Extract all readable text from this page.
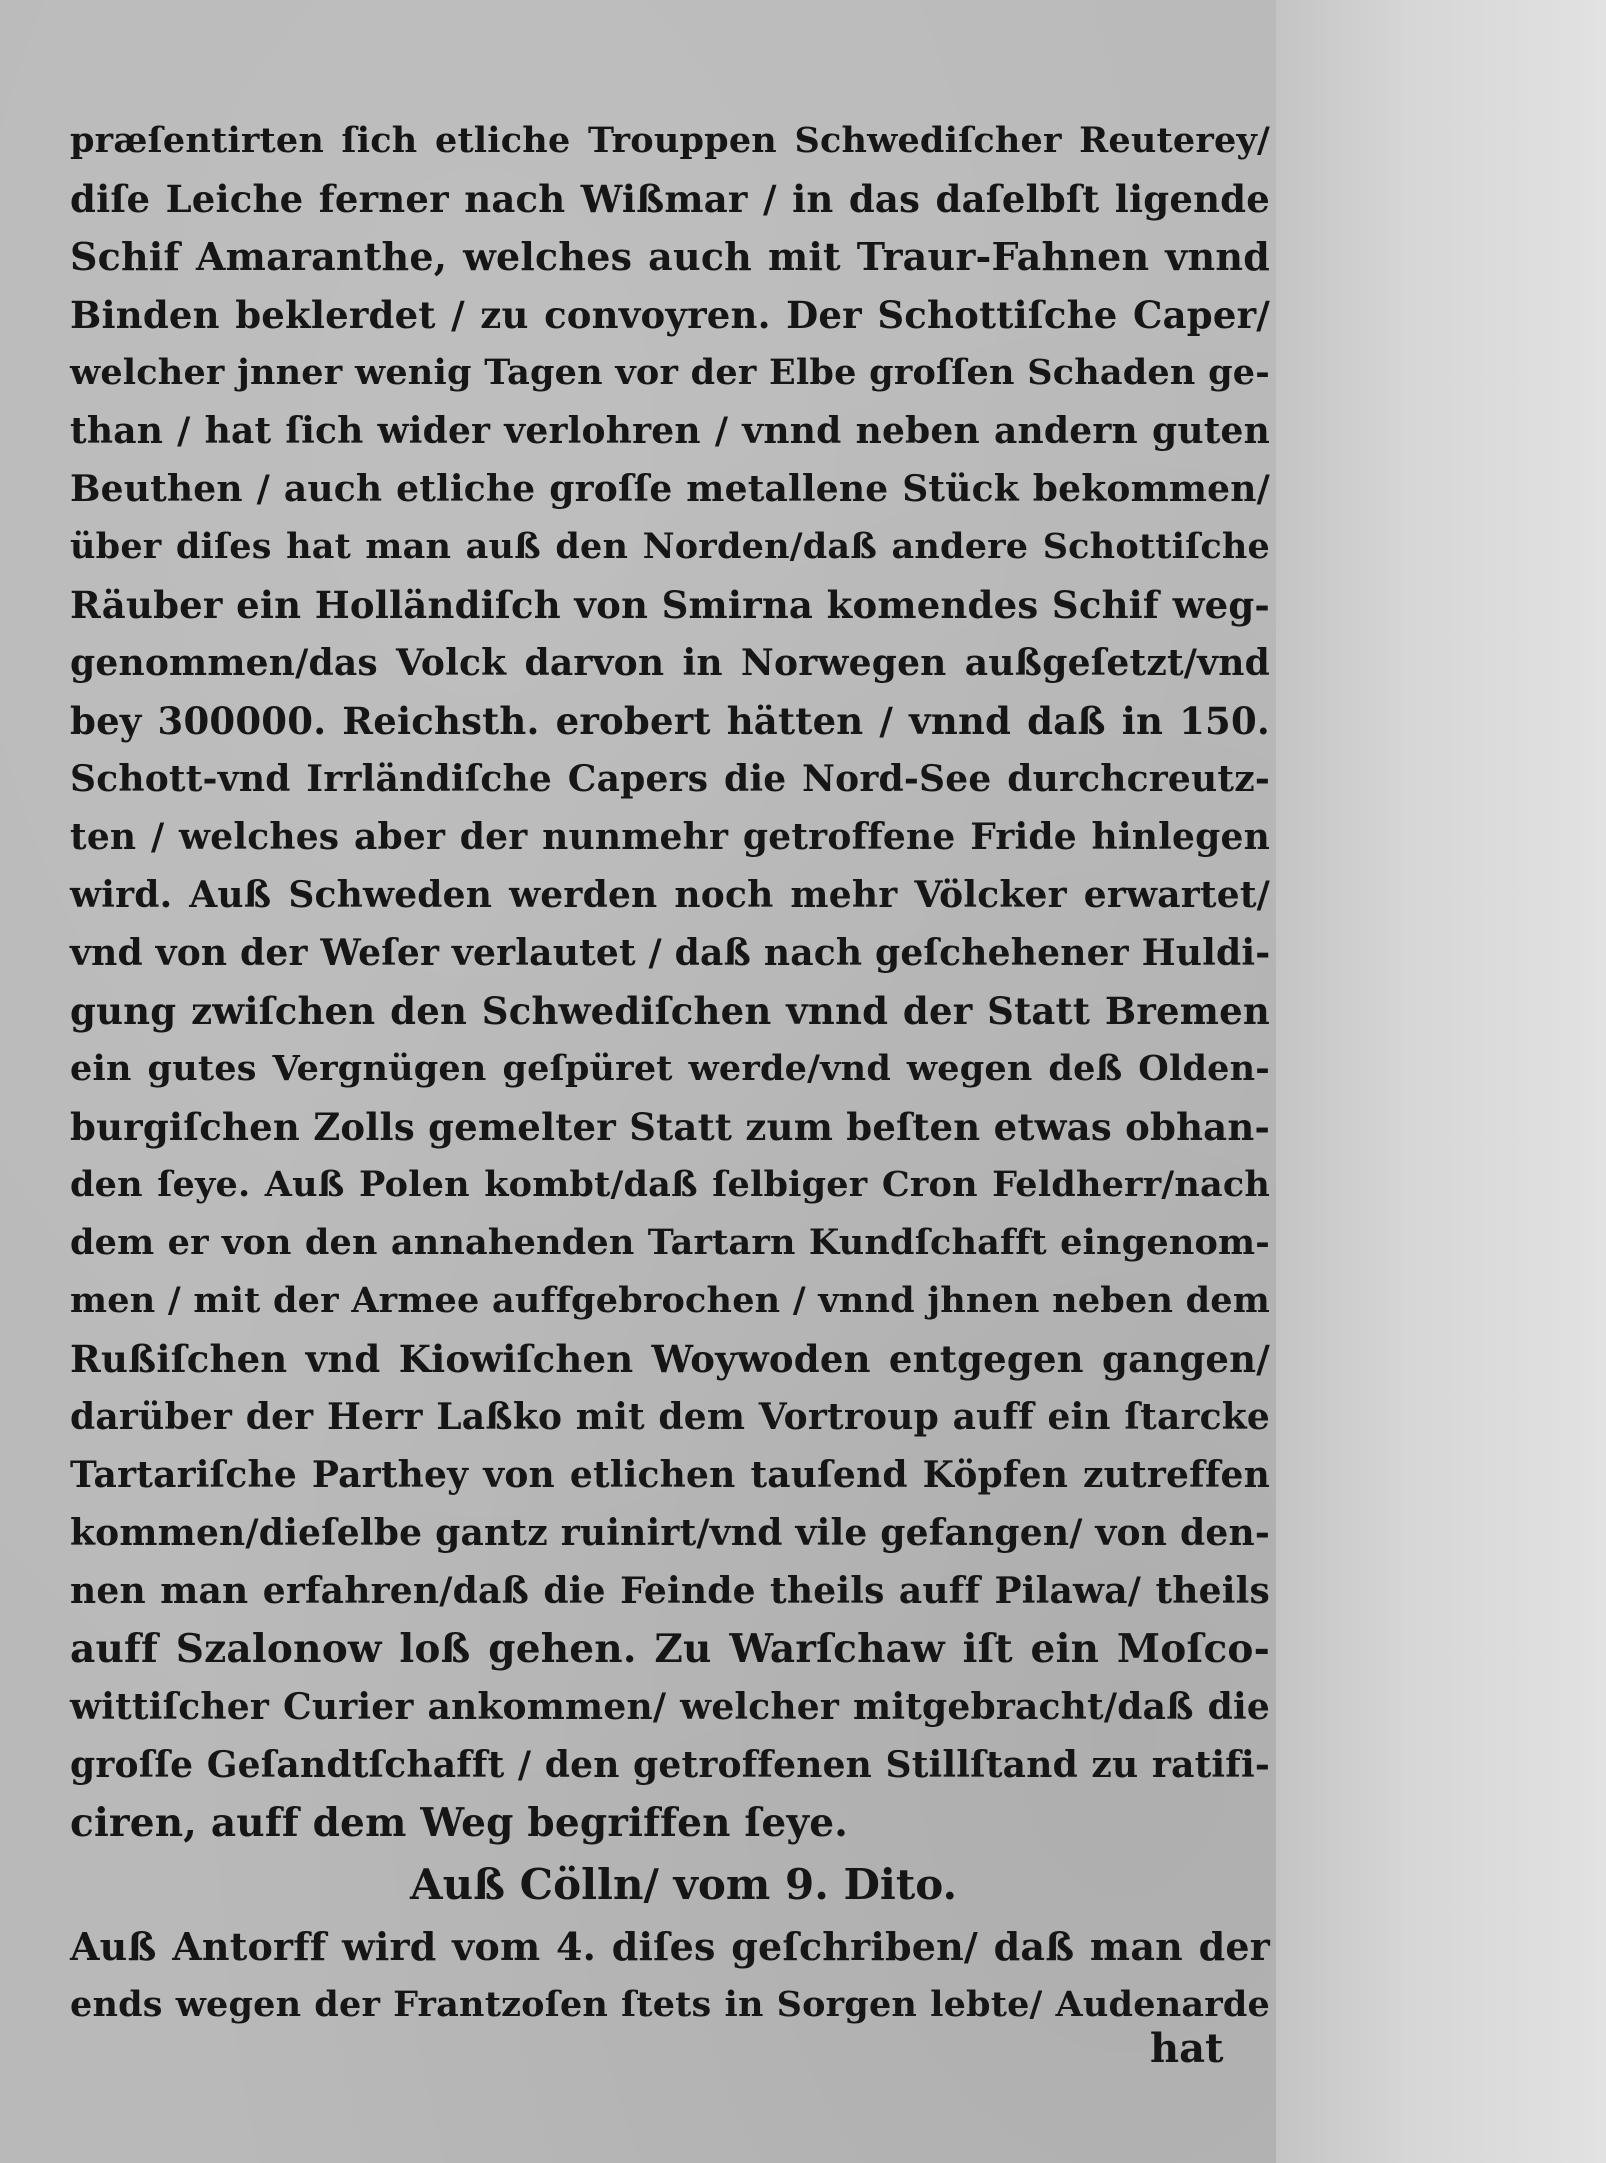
præſentirten ſich etliche Trouppen Schwediſcher Reuterey/
diſe Leiche ferner nach Wißmar / in das daſelbſt ligende
Schif Amaranthe, welches auch mit Traur-Fahnen vnnd
Binden beklerdet / zu convoyren. Der Schottiſche Caper/
welcher jnner wenig Tagen vor der Elbe groſſen Schaden ge-
than / hat ſich wider verlohren / vnnd neben andern guten
Beuthen / auch etliche groſſe metallene Stück bekommen/
über diſes hat man auß den Norden/daß andere Schottiſche
Räuber ein Holländiſch von Smirna komendes Schif weg-
genommen/das Volck darvon in Norwegen außgeſetzt/vnd
bey 300000. Reichsth. erobert hätten / vnnd daß in 150.
Schott-vnd Irrländiſche Capers die Nord-See durchcreutz-
ten / welches aber der nunmehr getroffene Fride hinlegen
wird. Auß Schweden werden noch mehr Völcker erwartet/
vnd von der Weſer verlautet / daß nach geſchehener Huldi-
gung zwiſchen den Schwediſchen vnnd der Statt Bremen
ein gutes Vergnügen geſpüret werde/vnd wegen deß Olden-
burgiſchen Zolls gemelter Statt zum beſten etwas obhan-
den ſeye. Auß Polen kombt/daß ſelbiger Cron Feldherr/nach
dem er von den annahenden Tartarn Kundſchafft eingenom-
men / mit der Armee auffgebrochen / vnnd jhnen neben dem
Rußiſchen vnd Kiowiſchen Woywoden entgegen gangen/
darüber der Herr Laßko mit dem Vortroup auff ein ſtarcke
Tartariſche Parthey von etlichen tauſend Köpfen zutreffen
kommen/dieſelbe gantz ruinirt/vnd vile gefangen/ von den-
nen man erfahren/daß die Feinde theils auff Pilawa/ theils
auff Szalonow loß gehen. Zu Warſchaw iſt ein Moſco-
wittiſcher Curier ankommen/ welcher mitgebracht/daß die
groſſe Geſandtſchafft / den getroffenen Stillſtand zu ratifi-
ciren, auff dem Weg begriffen ſeye.
Auß Cölln/ vom 9. Dito.
Auß Antorff wird vom 4. diſes geſchriben/ daß man der
ends wegen der Frantzoſen ſtets in Sorgen lebte/ Audenarde
hat
